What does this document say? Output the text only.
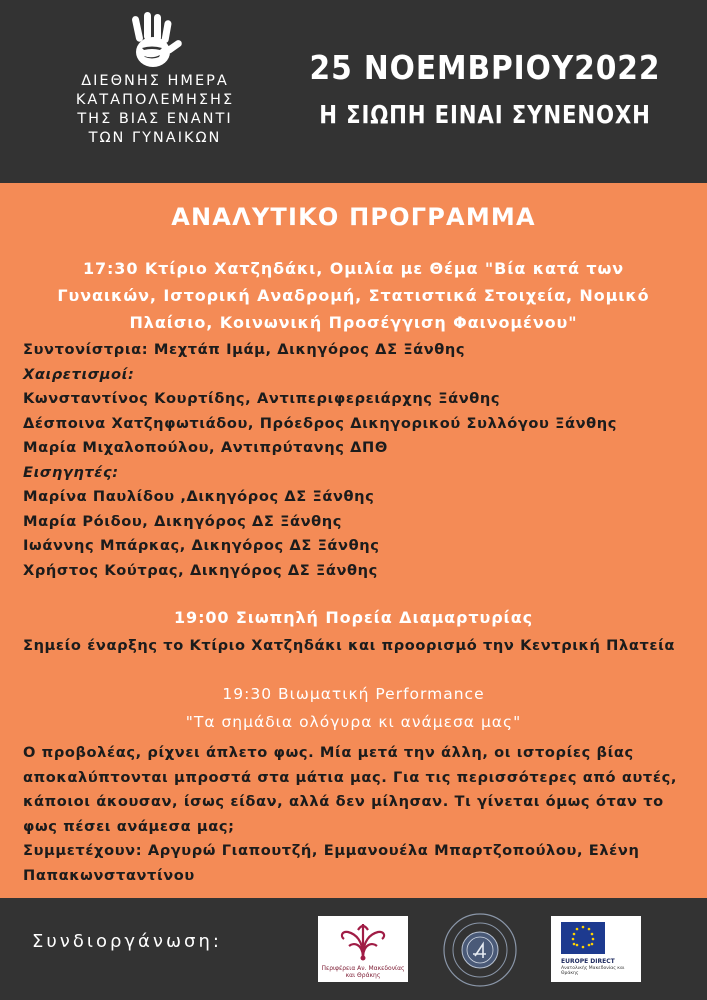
ΔΙΕΘΝΗΣ ΗΜΕΡΑ
ΚΑΤΑΠΟΛΕΜΗΣΗΣ
ΤΗΣ ΒΙΑΣ ΕΝΑΝΤΙ
ΤΩΝ ΓΥΝΑΙΚΩΝ
25 ΝΟΕΜΒΡΙΟΥ2022
Η ΣΙΩΠΗ ΕΙΝΑΙ ΣΥΝΕΝΟΧΗ
ΑΝΑΛΥΤΙΚΟ ΠΡΟΓΡΑΜΜΑ
17:30 Κτίριο Χατζηδάκι, Ομιλία με Θέμα "Βία κατά των
Γυναικών, Ιστορική Αναδρομή, Στατιστικά Στοιχεία, Νομικό
Πλαίσιο, Κοινωνική Προσέγγιση Φαινομένου"
Συντονίστρια: Μεχτάπ Ιμάμ, Δικηγόρος ΔΣ Ξάνθης
Χαιρετισμοί:
Κωνσταντίνος Κουρτίδης, Αντιπεριφερειάρχης Ξάνθης
Δέσποινα Χατζηφωτιάδου, Πρόεδρος Δικηγορικού Συλλόγου Ξάνθης
Μαρία Μιχαλοπούλου, Αντιπρύτανης ΔΠΘ
Εισηγητές:
Μαρίνα Παυλίδου ,Δικηγόρος ΔΣ Ξάνθης
Μαρία Ρόιδου, Δικηγόρος ΔΣ Ξάνθης
Ιωάννης Μπάρκας, Δικηγόρος ΔΣ Ξάνθης
Χρήστος Κούτρας, Δικηγόρος ΔΣ Ξάνθης
19:00 Σιωπηλή Πορεία Διαμαρτυρίας
Σημείο έναρξης το Κτίριο Χατζηδάκι και προορισμό την Κεντρική Πλατεία
19:30 Βιωματική Performance
"Τα σημάδια ολόγυρα κι ανάμεσα μας"
Ο προβολέας, ρίχνει άπλετο φως. Μία μετά την άλλη, οι ιστορίες βίας
αποκαλύπτονται μπροστά στα μάτια μας. Για τις περισσότερες από αυτές,
κάποιοι άκουσαν, ίσως είδαν, αλλά δεν μίλησαν. Τι γίνεται όμως όταν το
φως πέσει ανάμεσα μας;
Συμμετέχουν: Αργυρώ Γιαπουτζή, Εμμανουέλα Μπαρτζοπούλου, Ελένη
Παπακωνσταντίνου
Συνδιοργάνωση:
Περιφέρεια Αν. Μακεδονίας
και Θράκης
EUROPE DIRECT
Ανατολικής Μακεδονίας και Θράκης
